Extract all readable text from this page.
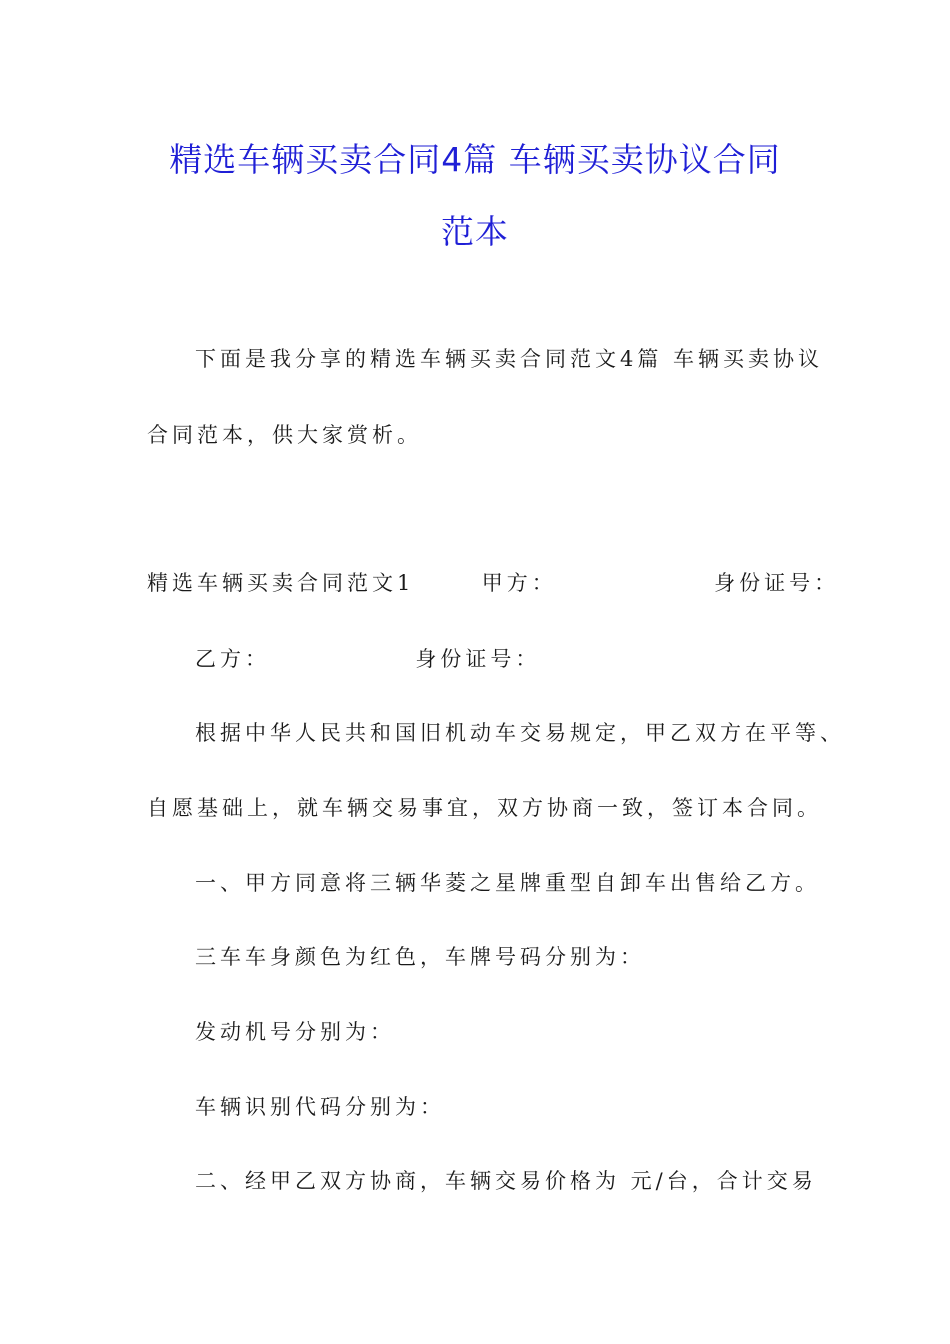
精选车辆买卖合同4篇 车辆买卖协议合同
范本
下面是我分享的精选车辆买卖合同范文4篇 车辆买卖协议
合同范本，供大家赏析。
精选车辆买卖合同范文1	甲方：	身份证号：
乙方：	身份证号：
根据中华人民共和国旧机动车交易规定，甲乙双方在平等、
自愿基础上，就车辆交易事宜，双方协商一致，签订本合同。
一、甲方同意将三辆华菱之星牌重型自卸车出售给乙方。
三车车身颜色为红色，车牌号码分别为：
发动机号分别为：
车辆识别代码分别为：
二、经甲乙双方协商，车辆交易价格为 元/台，合计交易
